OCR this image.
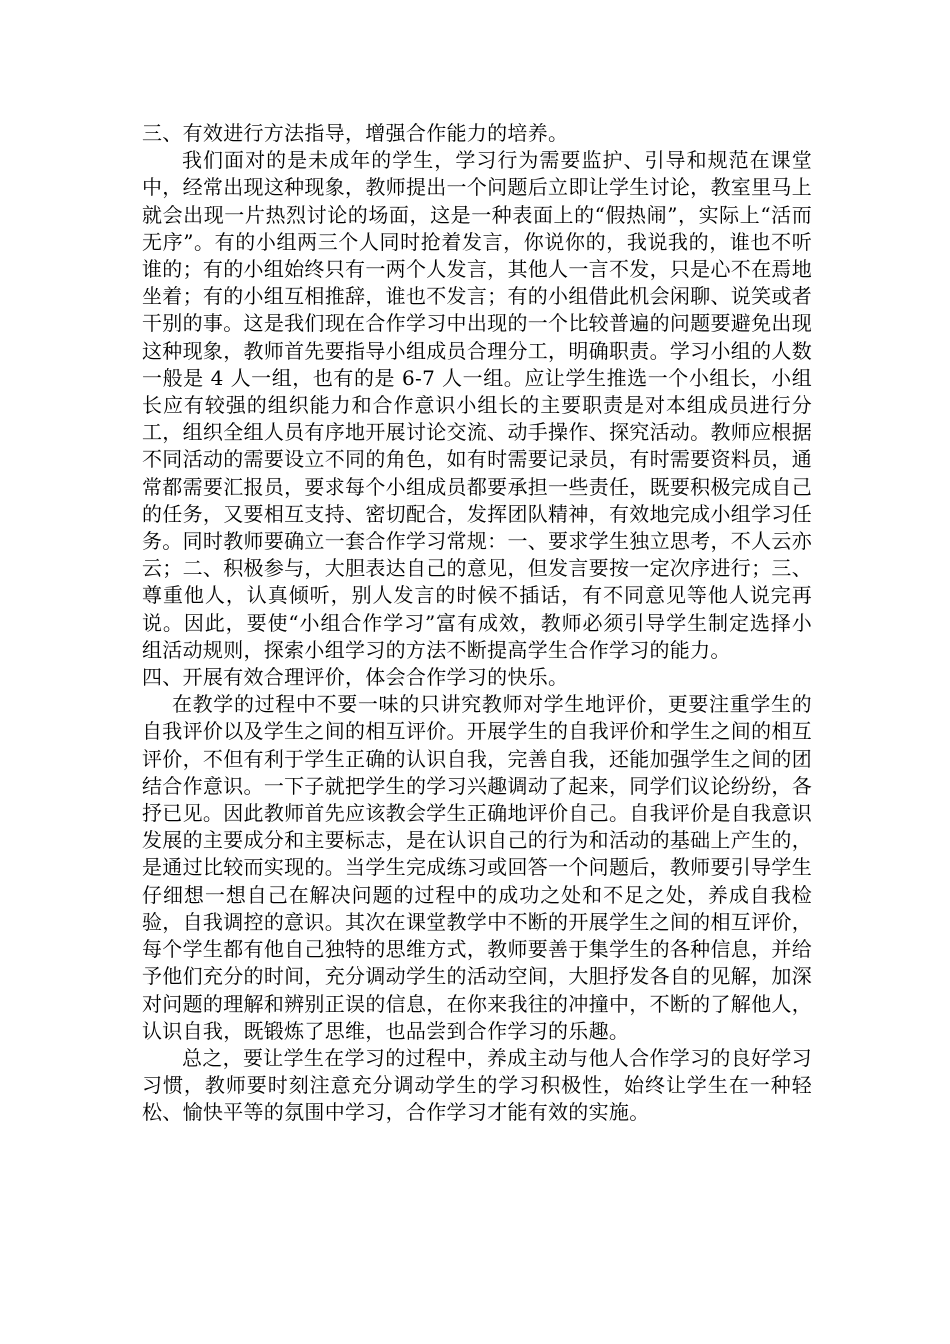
三、有效进行方法指导，增强合作能力的培养。

我们面对的是未成年的学生，学习行为需要监护、引导和规范在课堂中，经常出现这种现象，教师提出一个问题后立即让学生讨论，教室里马上就会出现一片热烈讨论的场面，这是一种表面上的“假热闹”，实际上“活而无序”。有的小组两三个人同时抢着发言，你说你的，我说我的，谁也不听谁的；有的小组始终只有一两个人发言，其他人一言不发，只是心不在焉地坐着；有的小组互相推辞，谁也不发言；有的小组借此机会闲聊、说笑或者干别的事。这是我们现在合作学习中出现的一个比较普遍的问题要避免出现这种现象，教师首先要指导小组成员合理分工，明确职责。学习小组的人数一般是 4 人一组，也有的是 6-7 人一组。应让学生推选一个小组长，小组长应有较强的组织能力和合作意识小组长的主要职责是对本组成员进行分工，组织全组人员有序地开展讨论交流、动手操作、探究活动。教师应根据不同活动的需要设立不同的角色，如有时需要记录员，有时需要资料员，通常都需要汇报员，要求每个小组成员都要承担一些责任，既要积极完成自己的任务，又要相互支持、密切配合，发挥团队精神，有效地完成小组学习任务。同时教师要确立一套合作学习常规：一、要求学生独立思考，不人云亦云；二、积极参与，大胆表达自己的意见，但发言要按一定次序进行；三、尊重他人，认真倾听，别人发言的时候不插话，有不同意见等他人说完再说。因此，要使“小组合作学习”富有成效，教师必须引导学生制定选择小组活动规则，探索小组学习的方法不断提高学生合作学习的能力。

四、开展有效合理评价，体会合作学习的快乐。

在教学的过程中不要一味的只讲究教师对学生地评价，更要注重学生的自我评价以及学生之间的相互评价。开展学生的自我评价和学生之间的相互评价，不但有利于学生正确的认识自我，完善自我，还能加强学生之间的团结合作意识。一下子就把学生的学习兴趣调动了起来，同学们议论纷纷，各抒已见。因此教师首先应该教会学生正确地评价自己。自我评价是自我意识发展的主要成分和主要标志，是在认识自己的行为和活动的基础上产生的，是通过比较而实现的。当学生完成练习或回答一个问题后，教师要引导学生仔细想一想自己在解决问题的过程中的成功之处和不足之处，养成自我检验，自我调控的意识。其次在课堂教学中不断的开展学生之间的相互评价，每个学生都有他自己独特的思维方式，教师要善于集学生的各种信息，并给予他们充分的时间，充分调动学生的活动空间，大胆抒发各自的见解，加深对问题的理解和辨别正误的信息，在你来我往的冲撞中，不断的了解他人，认识自我，既锻炼了思维，也品尝到合作学习的乐趣。

总之，要让学生在学习的过程中，养成主动与他人合作学习的良好学习习惯，教师要时刻注意充分调动学生的学习积极性，始终让学生在一种轻松、愉快平等的氛围中学习，合作学习才能有效的实施。
